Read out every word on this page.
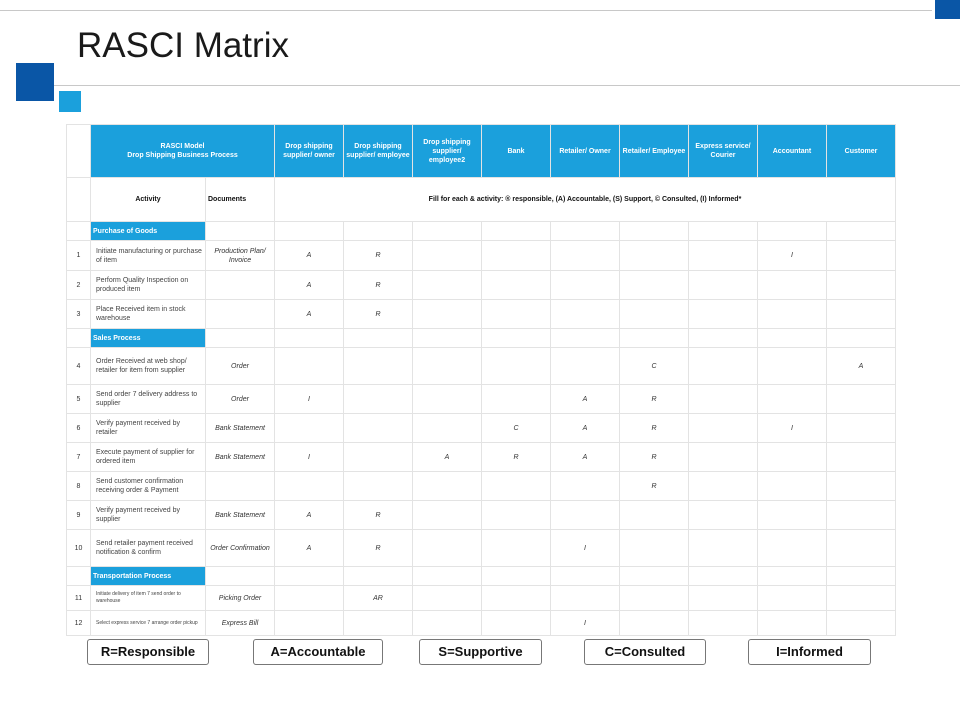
RASCI Matrix

	RASCI Model
Drop Shipping Business Process		Drop shipping supplier/ owner	Drop shipping supplier/ employee	Drop shipping supplier/ employee2	Bank	Retailer/ Owner	Retailer/ Employee	Express service/ Courier	Accountant	Customer
	Activity	Documents	Fill for each & activity: ® responsible, (A) Accountable, (S) Support, © Consulted, (I) Informed*								
	Purchase of Goods										
1	Initiate manufacturing or purchase of item	Production Plan/ Invoice	A	R						I	
2	Perform Quality Inspection on produced item		A	R							
3	Place Received item in stock warehouse		A	R							
	Sales Process										
4	Order Received at web shop/ retailer for item from supplier	Order						C			A
5	Send order 7 delivery address to supplier	Order	I				A	R			
6	Verify payment received by retailer	Bank Statement				C	A	R		I	
7	Execute payment of supplier for ordered item	Bank Statement	I		A	R	A	R			
8	Send customer confirmation receiving order & Payment							R			
9	Verify payment received by supplier	Bank Statement	A	R							
10	Send retailer payment received notification & confirm	Order Confirmation	A	R			I				
	Transportation Process										
11	Initiate delivery of item 7 send order to warehouse	Picking Order		AR							
12	Select express service 7 arrange order pickup	Express Bill					I				
R=Responsible	A=Accountable	S=Supportive	C=Consulted	I=Informed
